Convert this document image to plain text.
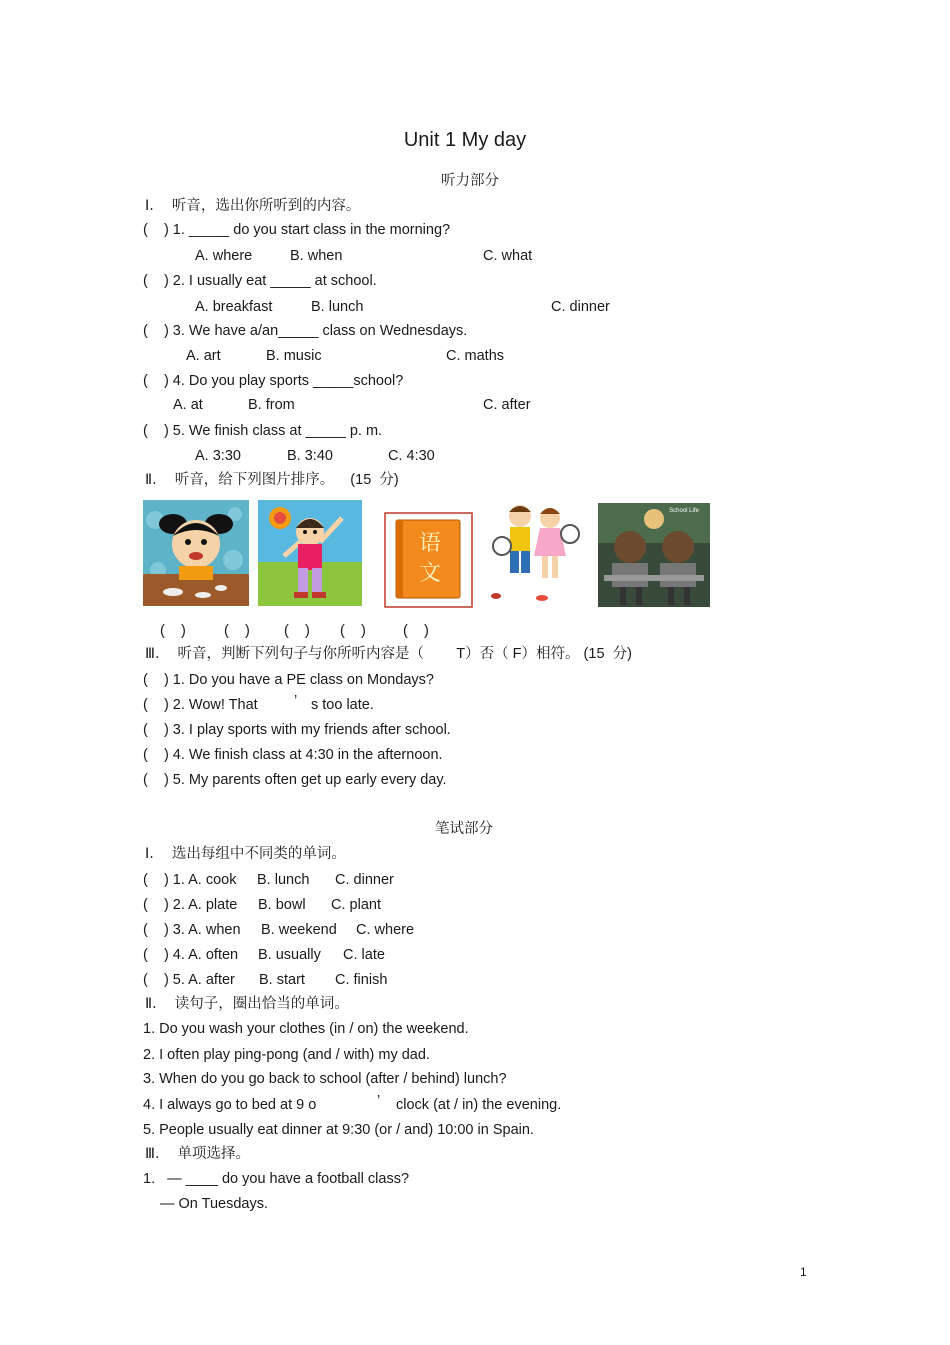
Unit 1 My day
听力部分
Ⅰ．  听音，选出你所听到的内容。
(    ) 1. _____ do you start class in the morning?
A. where	B. when	C. what
(    ) 2. I usually eat _____ at school.
A. breakfast	B. lunch	C. dinner
(    ) 3. We have a/an_____ class on Wednesdays.
A. art	B. music	C. maths
(    ) 4. Do you play sports _____school?
A. at	B. from	C. after
(    ) 5. We finish class at _____ p. m.
A. 3:30	B. 3:40	C. 4:30
Ⅱ．  听音，给下列图片排序。    (15  分)
语
文
School Life
(    )	(    ) (    ) (    )	(    )
Ⅲ．  听音，判断下列句子与你所听内容是（        T）否（ F）相符。 (15  分)
(    ) 1. Do you have a PE class on Mondays?
(    ) 2. Wow! That	’ s too late.
(    ) 3. I play sports with my friends after school.
(    ) 4. We finish class at 4:30 in the afternoon.
(    ) 5. My parents often get up early every day.
笔试部分
Ⅰ．  选出每组中不同类的单词。
(    ) 1. A. cook B. lunch C. dinner
(    ) 2. A. plate B. bowl C. plant
(    ) 3. A. when B. weekend C. where
(    ) 4. A. often B. usually C. late
(    ) 5. A. after B. start C. finish
Ⅱ．  读句子，圈出恰当的单词。
1. Do you wash your clothes (in / on) the weekend.
2. I often play ping-pong (and / with) my dad.
3. When do you go back to school (after / behind) lunch?
4. I always go to bed at 9 o	’ clock (at / in) the evening.
5. People usually eat dinner at 9:30 (or / and) 10:00 in Spain.
Ⅲ．  单项选择。
1.   — ____ do you have a football class?
— On Tuesdays.
1
